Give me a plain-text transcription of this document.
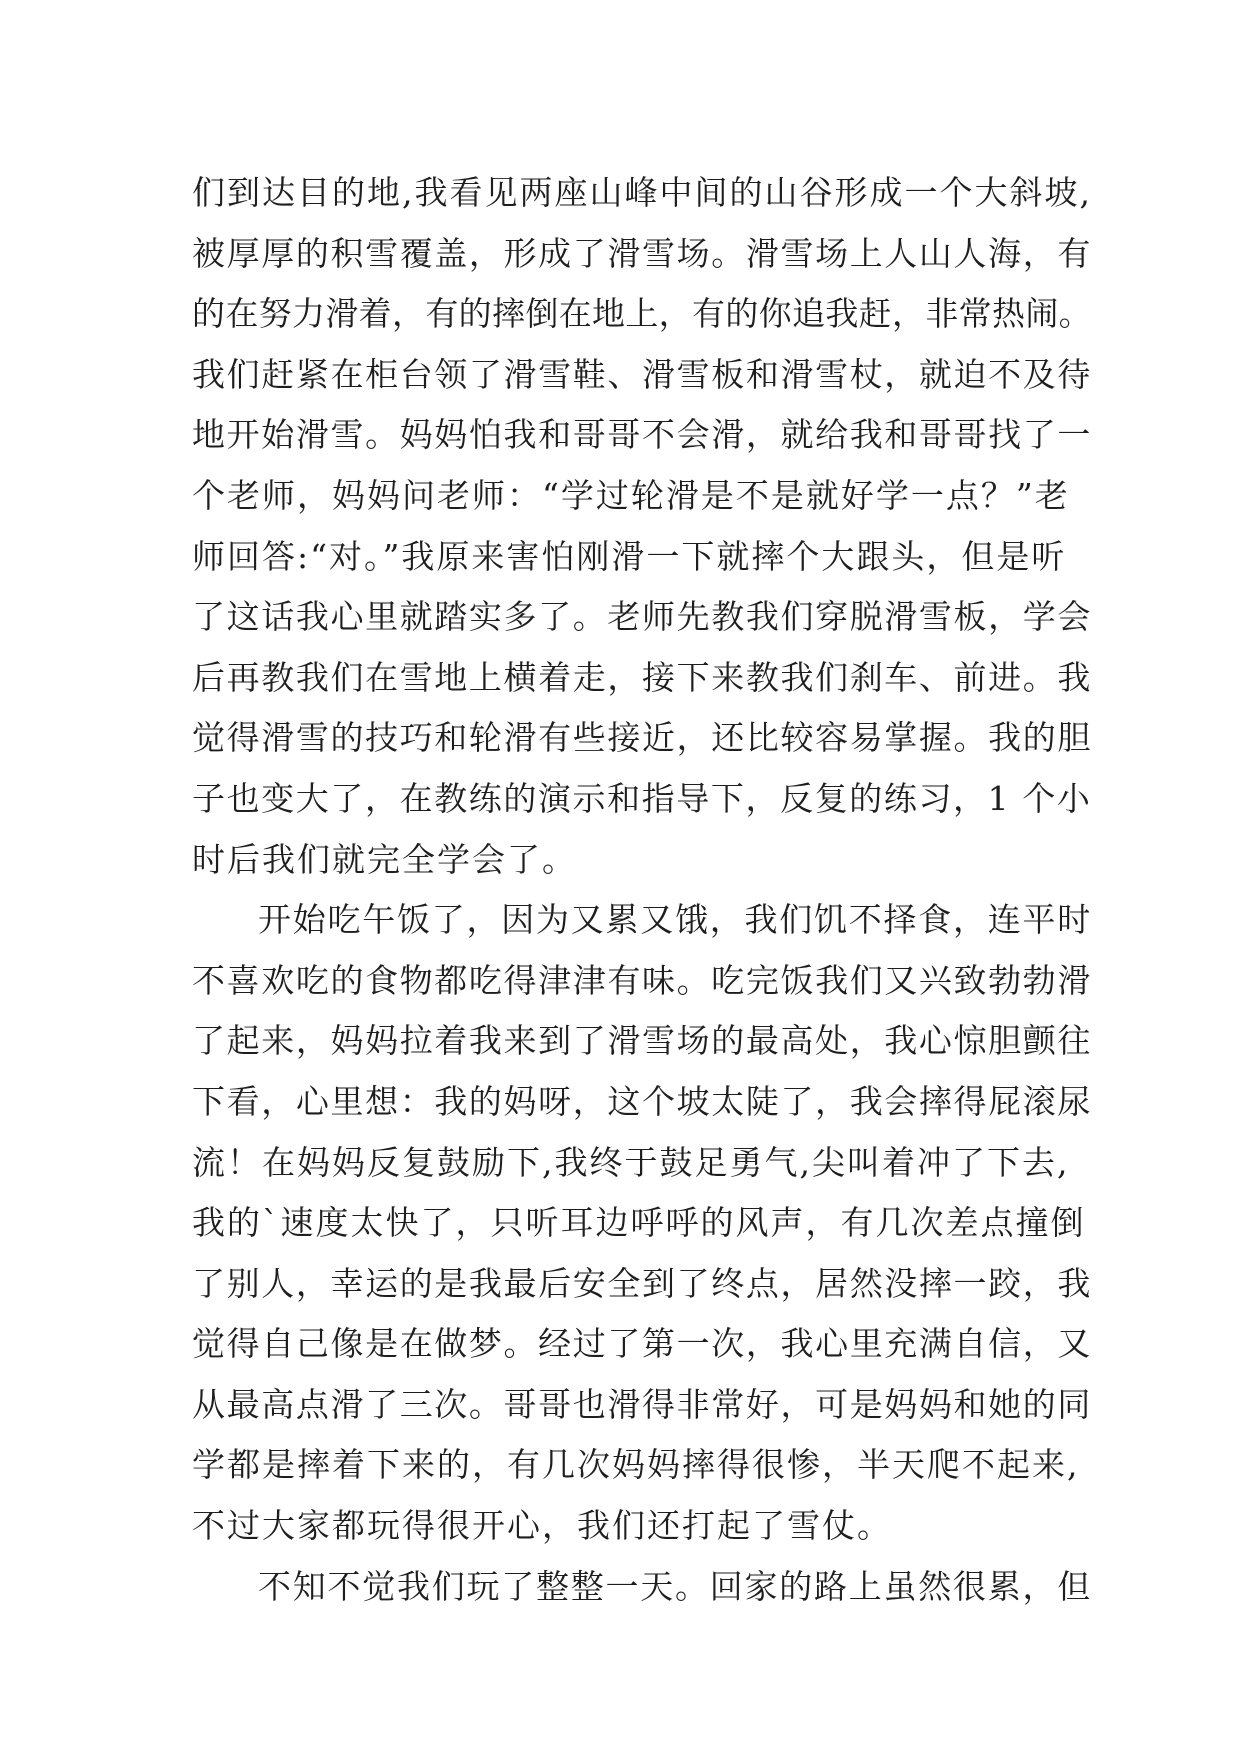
们到达目的地,我看见两座山峰中间的山谷形成一个大斜坡,
被厚厚的积雪覆盖，形成了滑雪场。滑雪场上人山人海，有
的在努力滑着，有的摔倒在地上，有的你追我赶，非常热闹。
我们赶紧在柜台领了滑雪鞋、滑雪板和滑雪杖，就迫不及待
地开始滑雪。妈妈怕我和哥哥不会滑，就给我和哥哥找了一
个老师，妈妈问老师：“学过轮滑是不是就好学一点？”老
师回答:“对。”我原来害怕刚滑一下就摔个大跟头，但是听
了这话我心里就踏实多了。老师先教我们穿脱滑雪板，学会
后再教我们在雪地上横着走，接下来教我们刹车、前进。我
觉得滑雪的技巧和轮滑有些接近，还比较容易掌握。我的胆
子也变大了，在教练的演示和指导下，反复的练习，1 个小
时后我们就完全学会了。
开始吃午饭了，因为又累又饿，我们饥不择食，连平时
不喜欢吃的食物都吃得津津有味。吃完饭我们又兴致勃勃滑
了起来，妈妈拉着我来到了滑雪场的最高处，我心惊胆颤往
下看，心里想：我的妈呀，这个坡太陡了，我会摔得屁滚尿
流！在妈妈反复鼓励下,我终于鼓足勇气,尖叫着冲了下去,
我的`速度太快了，只听耳边呼呼的风声，有几次差点撞倒
了别人，幸运的是我最后安全到了终点，居然没摔一跤，我
觉得自己像是在做梦。经过了第一次，我心里充满自信，又
从最高点滑了三次。哥哥也滑得非常好，可是妈妈和她的同
学都是摔着下来的，有几次妈妈摔得很惨，半天爬不起来,
不过大家都玩得很开心，我们还打起了雪仗。
不知不觉我们玩了整整一天。回家的路上虽然很累，但
